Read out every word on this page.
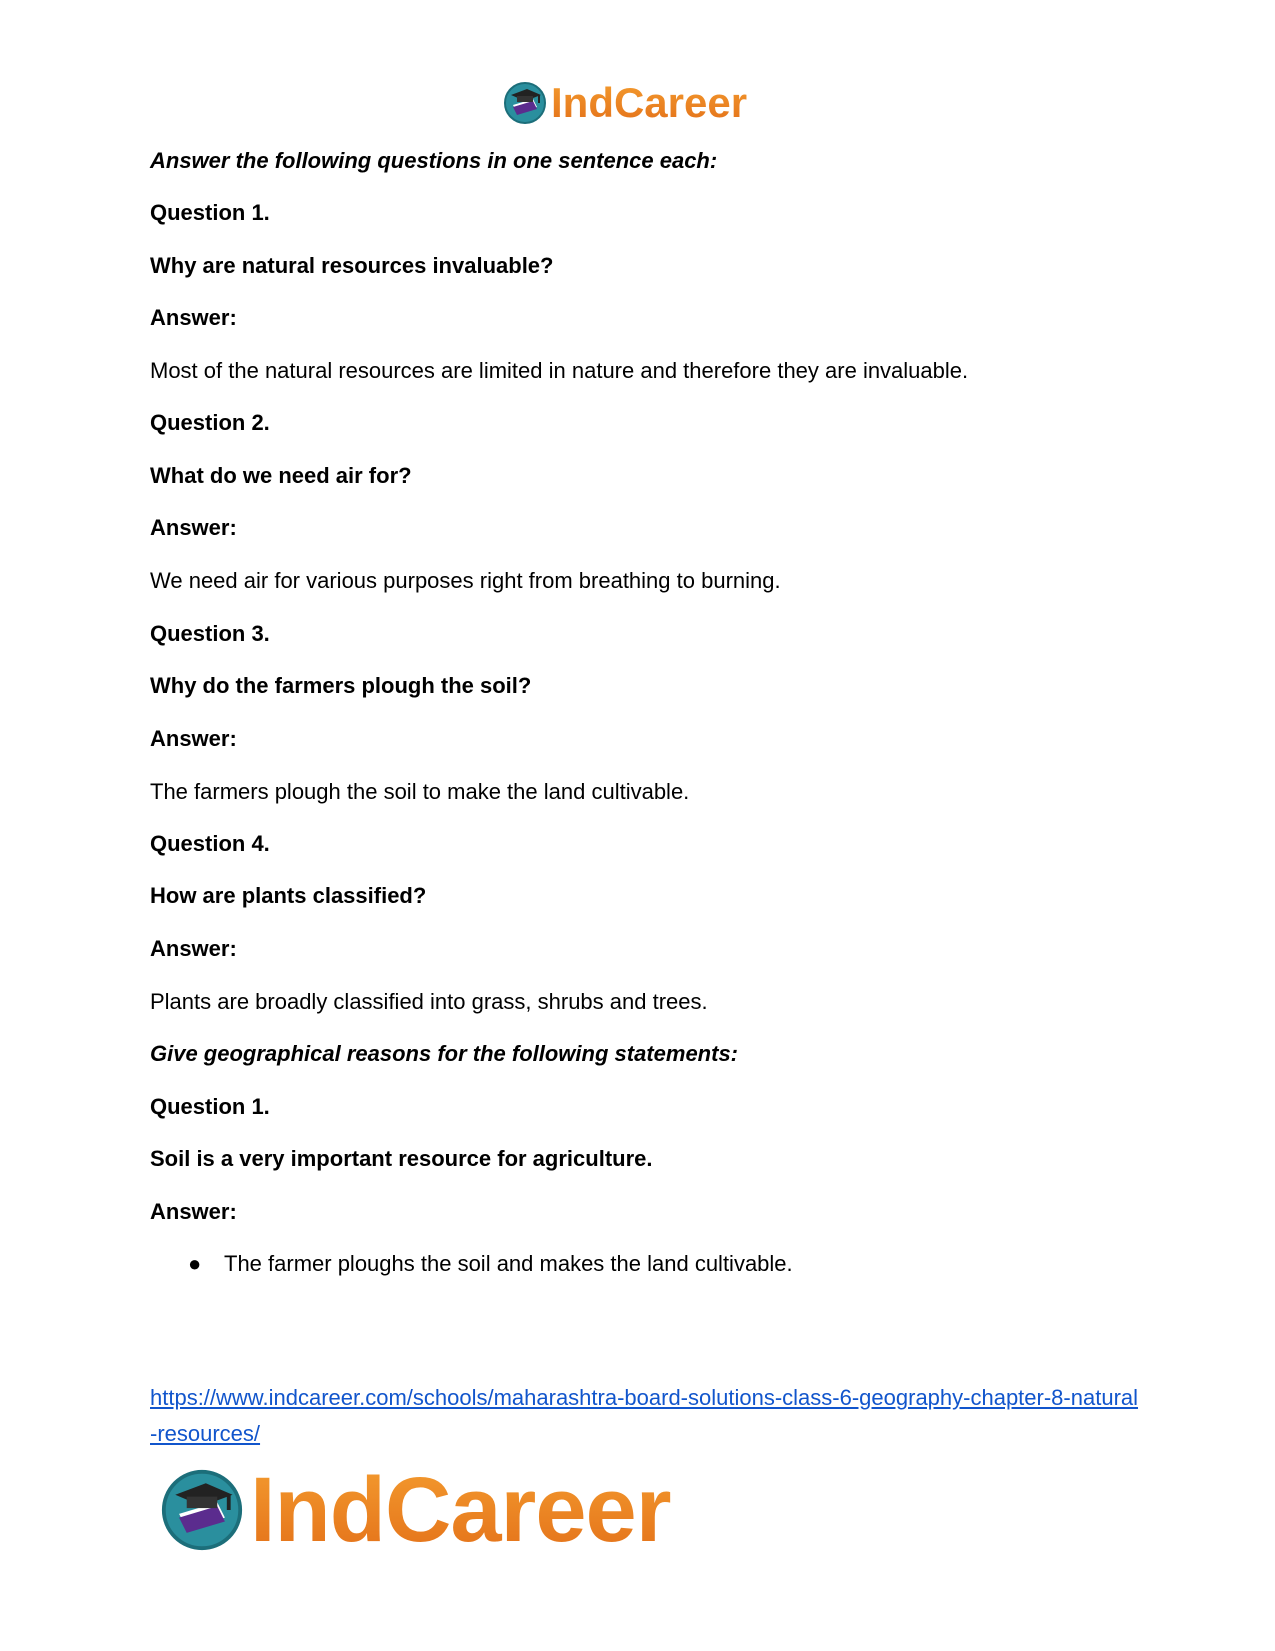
IndCareer
Answer the following questions in one sentence each:
Question 1.
Why are natural resources invaluable?
Answer:
Most of the natural resources are limited in nature and therefore they are invaluable.
Question 2.
What do we need air for?
Answer:
We need air for various purposes right from breathing to burning.
Question 3.
Why do the farmers plough the soil?
Answer:
The farmers plough the soil to make the land cultivable.
Question 4.
How are plants classified?
Answer:
Plants are broadly classified into grass, shrubs and trees.
Give geographical reasons for the following statements:
Question 1.
Soil is a very important resource for agriculture.
Answer:
● The farmer ploughs the soil and makes the land cultivable.
https://www.indcareer.com/schools/maharashtra-board-solutions-class-6-geography-chapter-8-natural-resources/
IndCareer
